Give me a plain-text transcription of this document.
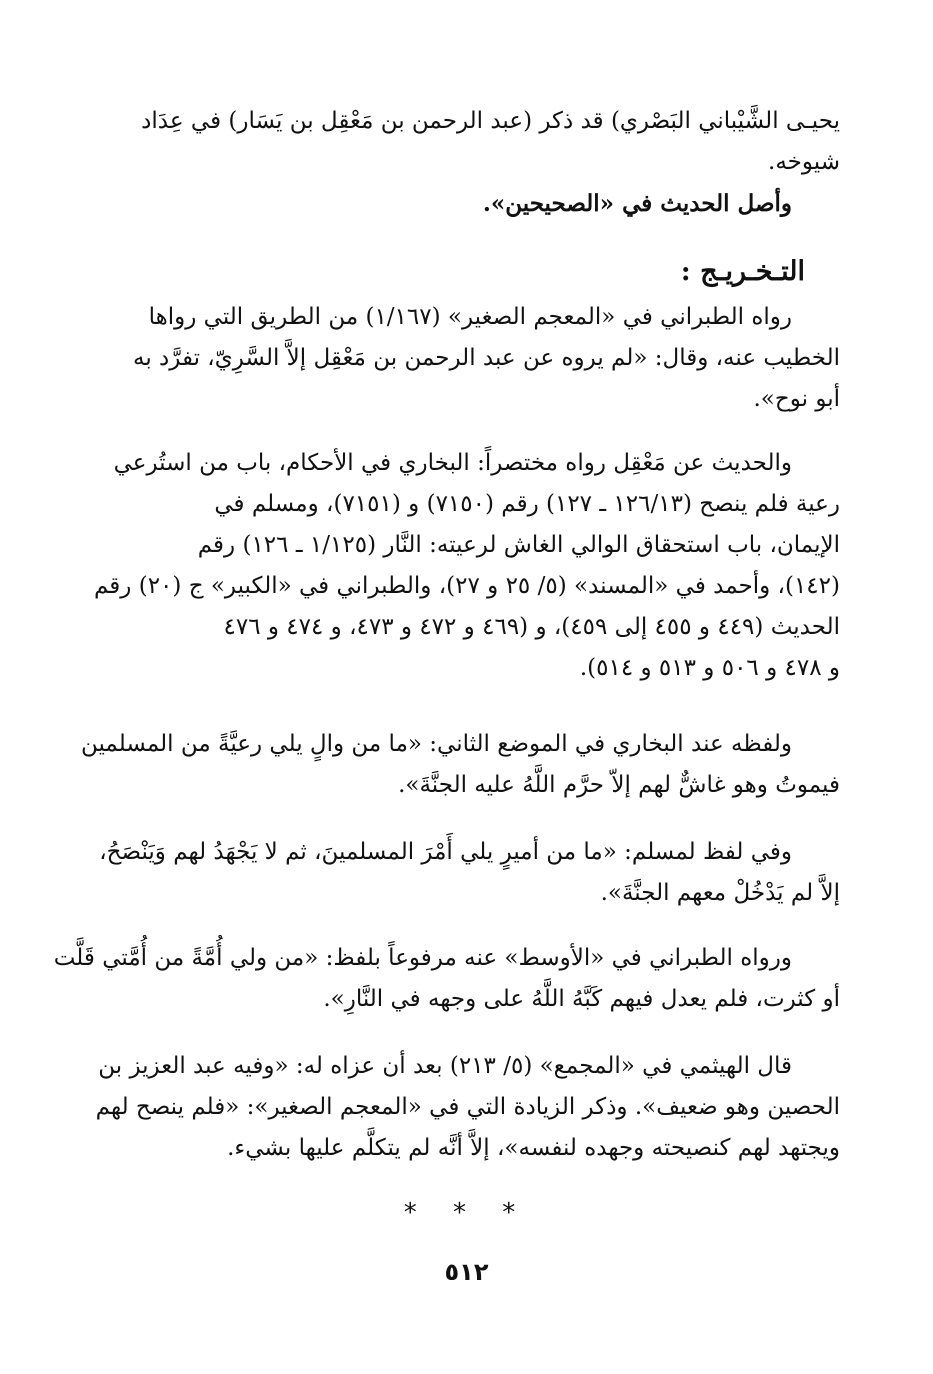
يحيـى الشَّيْباني البَصْري) قد ذكر (عبد الرحمن بن مَعْقِل بن يَسَار) في عِدَاد
شيوخه.
وأصل الحديث في «الصحيحين».
التـخـريـج :
رواه الطبراني في «المعجم الصغير» (١/١٦٧) من الطريق التي رواها
الخطيب عنه، وقال: «لم يروه عن عبد الرحمن بن مَعْقِل إلاَّ السَّرِيّ، تفرَّد به
أبو نوح».
والحديث عن مَعْقِل رواه مختصراً: البخاري في الأحكام، باب من استُرعي
رعية فلم ينصح (١٢٦/١٣ ـ ١٢٧) رقم (٧١٥٠) و (٧١٥١)، ومسلم في
الإيمان، باب استحقاق الوالي الغاش لرعيته: النَّار (١/١٢٥ ـ ١٢٦) رقم
(١٤٢)، وأحمد في «المسند» (٥/ ٢٥ و ٢٧)، والطبراني في «الكبير» ج (٢٠) رقم
الحديث (٤٤٩ و ٤٥٥ إلى ٤٥٩)، و (٤٦٩ و ٤٧٢ و ٤٧٣، و ٤٧٤ و ٤٧٦
و ٤٧٨ و ٥٠٦ و ٥١٣ و ٥١٤).
ولفظه عند البخاري في الموضع الثاني: «ما من والٍ يلي رعيَّةً من المسلمين
فيموتُ وهو غاشٌّ لهم إلاّ حرَّم اللَّهُ عليه الجنَّةَ».
وفي لفظ لمسلم: «ما من أميرٍ يلي أَمْرَ المسلمينَ، ثم لا يَجْهَدُ لهم وَيَنْصَحُ،
إلاَّ لم يَدْخُلْ معهم الجنَّةَ».
ورواه الطبراني في «الأوسط» عنه مرفوعاً بلفظ: «من ولي أُمَّةً من أُمَّتي قَلَّت
أو كثرت، فلم يعدل فيهم كَبَّهُ اللَّهُ على وجهه في النَّارِ».
قال الهيثمي في «المجمع» (٥/ ٢١٣) بعد أن عزاه له: «وفيه عبد العزيز بن
الحصين وهو ضعيف». وذكر الزيادة التي في «المعجم الصغير»: «فلم ينصح لهم
ويجتهد لهم كنصيحته وجهده لنفسه»، إلاَّ أنَّه لم يتكلَّم عليها بشيء.
* * *
٥١٢
